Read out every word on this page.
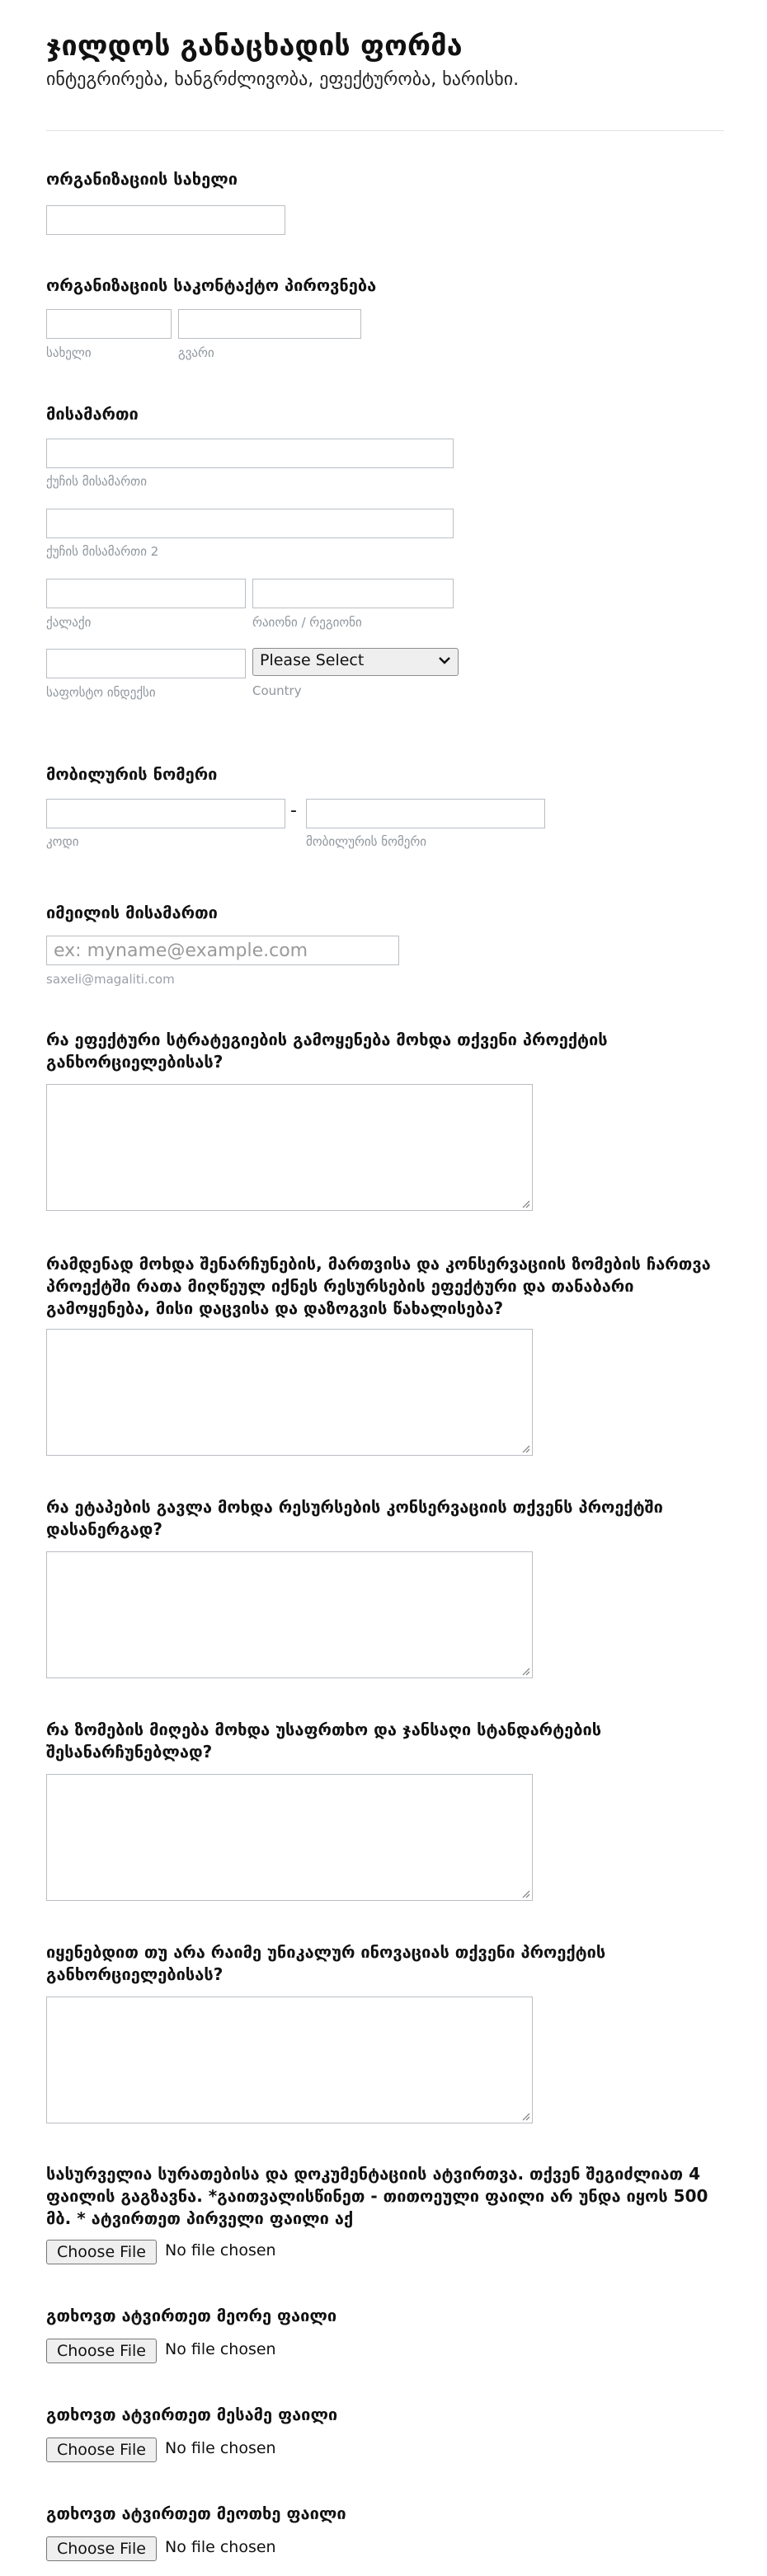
ჯილდოს განაცხადის ფორმა
ინტეგრირება, ხანგრძლივობა, ეფექტურობა, ხარისხი.
ორგანიზაციის სახელი
ორგანიზაციის საკონტაქტო პიროვნება
სახელი	გვარი
მისამართი
ქუჩის მისამართი
ქუჩის მისამართი 2
ქალაქი	რაიონი / რეგიონი
საფოსტო ინდექსი
Please Select
Country
მობილურის ნომერი
-
კოდი	მობილურის ნომერი
იმეილის მისამართი
ex: myname@example.com
saxeli@magaliti.com
რა ეფექტური სტრატეგიების გამოყენება მოხდა თქვენი პროექტის განხორციელებისას?
რამდენად მოხდა შენარჩუნების, მართვისა და კონსერვაციის ზომების ჩართვა პროექტში რათა მიღწეულ იქნეს რესურსების ეფექტური და თანაბარი გამოყენება, მისი დაცვისა და დაზოგვის წახალისება?
რა ეტაპების გავლა მოხდა რესურსების კონსერვაციის თქვენს პროექტში დასანერგად?
რა ზომების მიღება მოხდა უსაფრთხო და ჯანსაღი სტანდარტების შესანარჩუნებლად?
იყენებდით თუ არა რაიმე უნიკალურ ინოვაციას თქვენი პროექტის განხორციელებისას?
სასურველია სურათებისა და დოკუმენტაციის ატვირთვა. თქვენ შეგიძლიათ 4 ფაილის გაგზავნა. *გაითვალისწინეთ - თითოეული ფაილი არ უნდა იყოს 500 მბ. * ატვირთეთ პირველი ფაილი აქ
Choose File	No file chosen
გთხოვთ ატვირთეთ მეორე ფაილი
Choose File	No file chosen
გთხოვთ ატვირთეთ მესამე ფაილი
Choose File	No file chosen
გთხოვთ ატვირთეთ მეოთხე ფაილი
Choose File	No file chosen
